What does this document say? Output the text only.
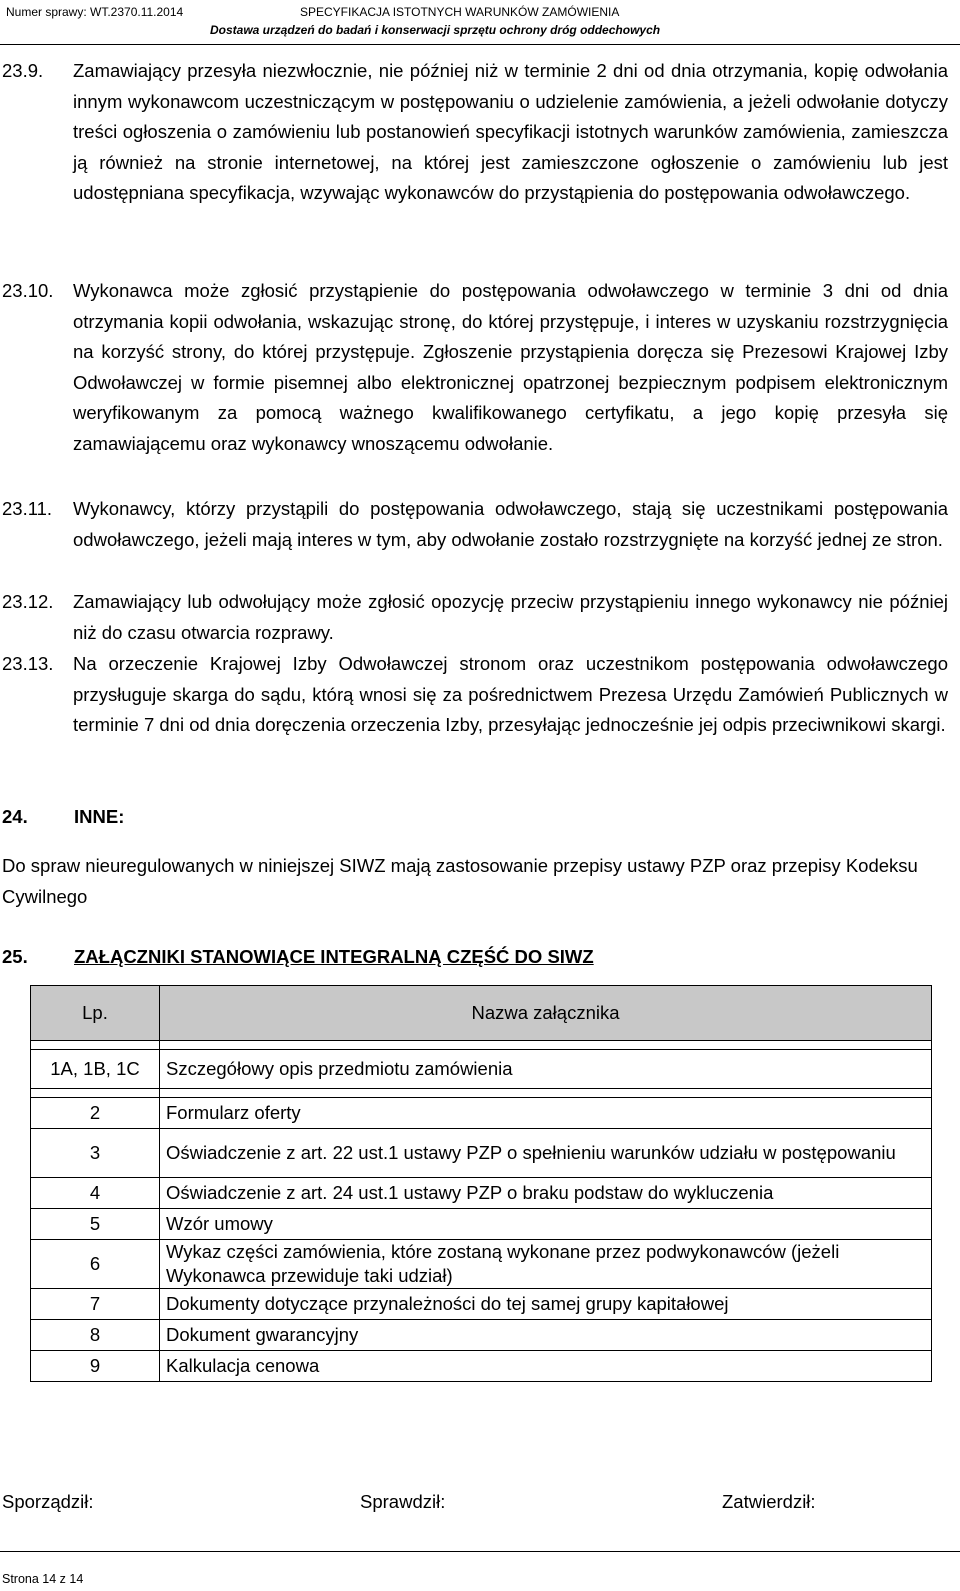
Numer sprawy: WT.2370.11.2014	SPECYFIKACJA ISTOTNYCH WARUNKÓW ZAMÓWIENIA
Dostawa urządzeń do badań i konserwacji sprzętu ochrony dróg oddechowych
23.9. Zamawiający przesyła niezwłocznie, nie później niż w terminie 2 dni od dnia otrzymania, kopię odwołania innym wykonawcom uczestniczącym w postępowaniu o udzielenie zamówienia, a jeżeli odwołanie dotyczy treści ogłoszenia o zamówieniu lub postanowień specyfikacji istotnych warunków zamówienia, zamieszcza ją również na stronie internetowej, na której jest zamieszczone ogłoszenie o zamówieniu lub jest udostępniana specyfikacja, wzywając wykonawców do przystąpienia do postępowania odwoławczego.
23.10. Wykonawca może zgłosić przystąpienie do postępowania odwoławczego w terminie 3 dni od dnia otrzymania kopii odwołania, wskazując stronę, do której przystępuje, i interes w uzyskaniu rozstrzygnięcia na korzyść strony, do której przystępuje. Zgłoszenie przystąpienia doręcza się Prezesowi Krajowej Izby Odwoławczej w formie pisemnej albo elektronicznej opatrzonej bezpiecznym podpisem elektronicznym weryfikowanym za pomocą ważnego kwalifikowanego certyfikatu, a jego kopię przesyła się zamawiającemu oraz wykonawcy wnoszącemu odwołanie.
23.11. Wykonawcy, którzy przystąpili do postępowania odwoławczego, stają się uczestnikami postępowania odwoławczego, jeżeli mają interes w tym, aby odwołanie zostało rozstrzygnięte na korzyść jednej ze stron.
23.12. Zamawiający lub odwołujący może zgłosić opozycję przeciw przystąpieniu innego wykonawcy nie później niż do czasu otwarcia rozprawy.
23.13. Na orzeczenie Krajowej Izby Odwoławczej stronom oraz uczestnikom postępowania odwoławczego przysługuje skarga do sądu, którą wnosi się za pośrednictwem Prezesa Urzędu Zamówień Publicznych w terminie 7 dni od dnia doręczenia orzeczenia Izby, przesyłając jednocześnie jej odpis przeciwnikowi skargi.
24.	INNE:
Do spraw nieuregulowanych w niniejszej SIWZ mają zastosowanie przepisy ustawy PZP oraz przepisy Kodeksu Cywilnego
25.	ZAŁĄCZNIKI STANOWIĄCE INTEGRALNĄ CZĘŚĆ DO SIWZ
Lp.	Nazwa załącznika

1A, 1B, 1C	Szczegółowy opis przedmiotu zamówienia

2	Formularz oferty
3	Oświadczenie z art. 22 ust.1 ustawy PZP o spełnieniu warunków udziału w postępowaniu
4	Oświadczenie z art. 24 ust.1 ustawy PZP o braku podstaw do wykluczenia
5	Wzór umowy
6	Wykaz części zamówienia, które zostaną wykonane przez podwykonawców (jeżeli Wykonawca przewiduje taki udział)
7	Dokumenty dotyczące przynależności do tej samej grupy kapitałowej
8	Dokument gwarancyjny
9	Kalkulacja cenowa
Sporządził:	Sprawdził:	Zatwierdził:
Strona 14 z 14
